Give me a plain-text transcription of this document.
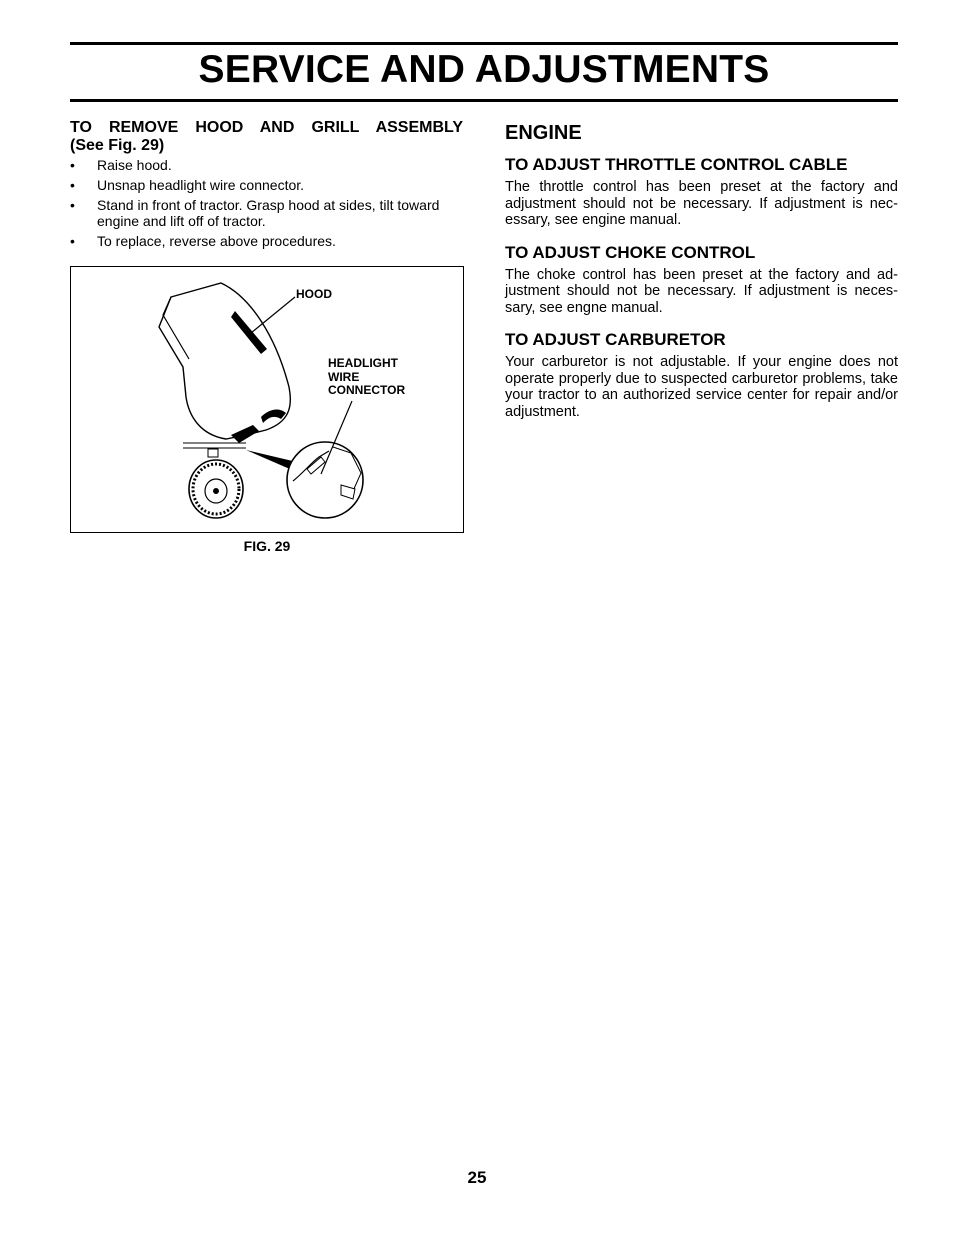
SERVICE AND ADJUSTMENTS
TO REMOVE HOOD AND GRILL ASSEMBLY
(See Fig. 29)
• Raise hood.
• Unsnap headlight wire connector.
• Stand in front of tractor. Grasp hood at sides, tilt toward engine and lift off of tractor.
• To replace, reverse above procedures.
HOOD
HEADLIGHT
WIRE
CONNECTOR
FIG. 29
ENGINE
TO ADJUST THROTTLE CONTROL CABLE

The throttle control has been preset at the factory and adjustment should not be necessary. If adjustment is nec-essary, see engine manual.

TO ADJUST CHOKE CONTROL

The choke control has been preset at the factory and ad-justment should not be necessary. If adjustment is neces-sary, see engne manual.

TO ADJUST CARBURETOR

Your carburetor is not adjustable. If your engine does not operate properly due to suspected carburetor problems, take your tractor to an authorized service center for repair and/or adjustment.

25
